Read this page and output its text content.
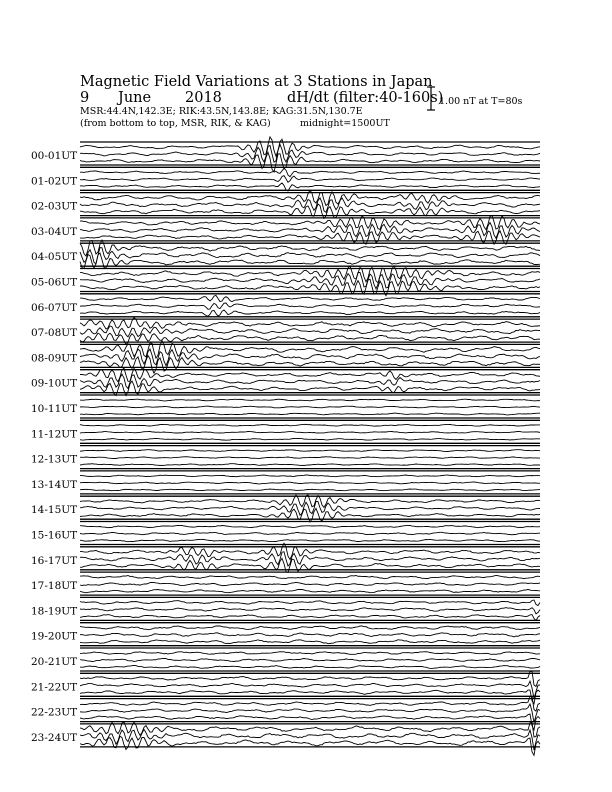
Magnetic Field Variations at 3 Stations in Japan
9 June 2018	dH/dt (filter:40-160s)
MSR:44.4N,142.3E; RIK:43.5N,143.8E; KAG:31.5N,130.7E
(from bottom to top, MSR, RIK, & KAG)	midnight=1500UT
1.00 nT at T=80s
00-01UT
01-02UT
02-03UT
03-04UT
04-05UT
05-06UT
06-07UT
07-08UT
08-09UT
09-10UT
10-11UT
11-12UT
12-13UT
13-14UT
14-15UT
15-16UT
16-17UT
17-18UT
18-19UT
19-20UT
20-21UT
21-22UT
22-23UT
23-24UT
